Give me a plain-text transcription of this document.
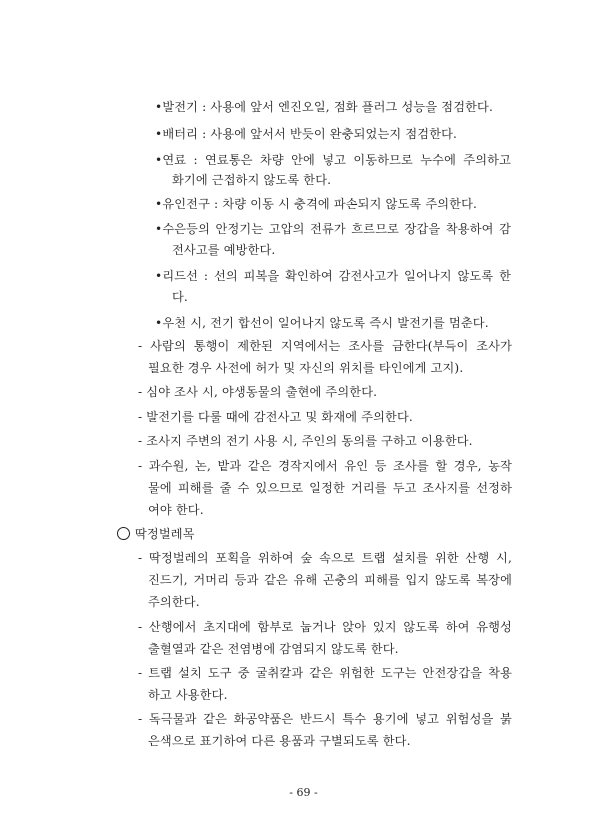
•발전기 : 사용에 앞서 엔진오일, 점화 플러그 성능을 점검한다.
•배터리 : 사용에 앞서서 반듯이 완충되었는지 점검한다.
•연료 : 연료통은 차량 안에 넣고 이동하므로 누수에 주의하고
화기에 근접하지 않도록 한다.
•유인전구 : 차량 이동 시 충격에 파손되지 않도록 주의한다.
•수은등의 안정기는 고압의 전류가 흐르므로 장갑을 착용하여 감
전사고를 예방한다.
•리드선 : 선의 피복을 확인하여 감전사고가 일어나지 않도록 한
다.
•우천 시, 전기 합선이 일어나지 않도록 즉시 발전기를 멈춘다.
- 사람의 통행이 제한된 지역에서는 조사를 금한다(부득이 조사가
필요한 경우 사전에 허가 및 자신의 위치를 타인에게 고지).
- 심야 조사 시, 야생동물의 출현에 주의한다.
- 발전기를 다룰 때에 감전사고 및 화재에 주의한다.
- 조사지 주변의 전기 사용 시, 주인의 동의를 구하고 이용한다.
- 과수원, 논, 밭과 같은 경작지에서 유인 등 조사를 할 경우, 농작
물에 피해를 줄 수 있으므로 일정한 거리를 두고 조사지를 선정하
여야 한다.
딱정벌레목
- 딱정벌레의 포획을 위하여 숲 속으로 트랩 설치를 위한 산행 시,
진드기, 거머리 등과 같은 유해 곤충의 피해를 입지 않도록 복장에
주의한다.
- 산행에서 초지대에 함부로 눕거나 앉아 있지 않도록 하여 유행성
출혈열과 같은 전염병에 감염되지 않도록 한다.
- 트랩 설치 도구 중 굴취칼과 같은 위험한 도구는 안전장갑을 착용
하고 사용한다.
- 독극물과 같은 화공약품은 반드시 특수 용기에 넣고 위험성을 붉
은색으로 표기하여 다른 용품과 구별되도록 한다.
- 69 -
